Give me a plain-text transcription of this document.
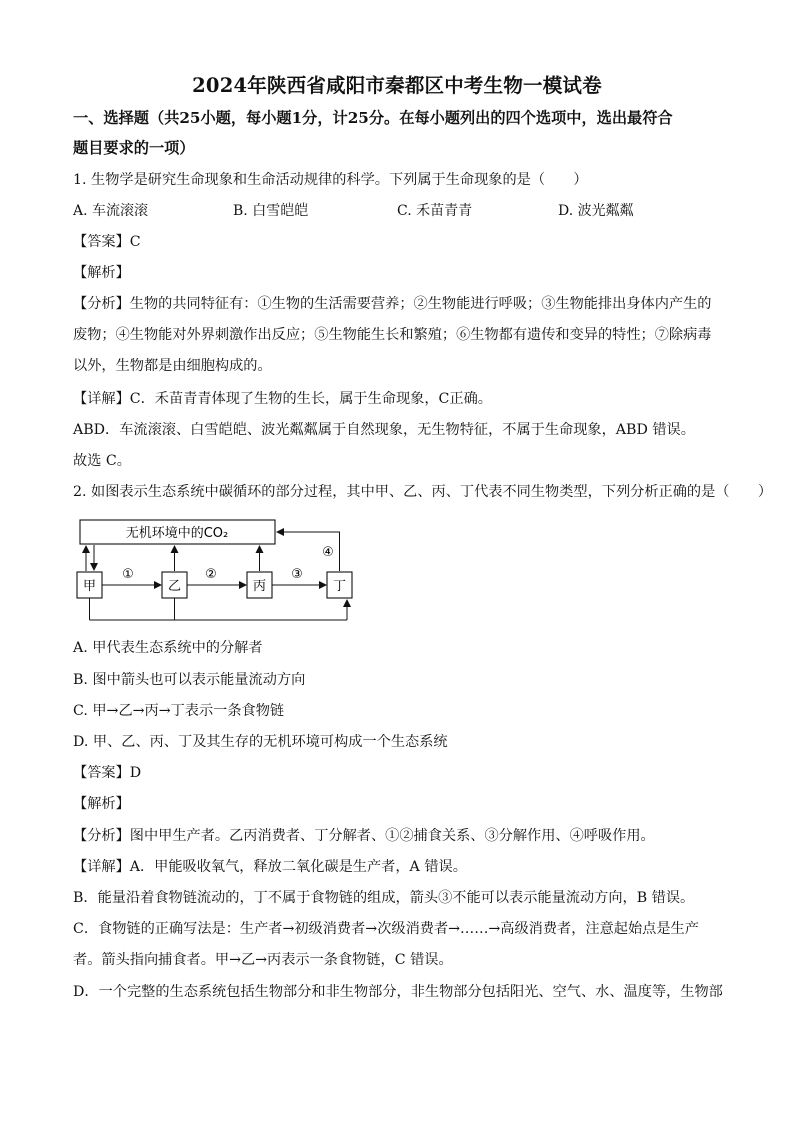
2024年陕西省咸阳市秦都区中考生物一模试卷
一、选择题（共25小题，每小题1分，计25分。在每小题列出的四个选项中，选出最符合
题目要求的一项）
1. 生物学是研究生命现象和生命活动规律的科学。下列属于生命现象的是（　　）
A. 车流滚滚	B. 白雪皑皑	C. 禾苗青青	D. 波光粼粼
【答案】C
【解析】
【分析】生物的共同特征有：①生物的生活需要营养；②生物能进行呼吸；③生物能排出身体内产生的
废物；④生物能对外界刺激作出反应；⑤生物能生长和繁殖；⑥生物都有遗传和变异的特性；⑦除病毒
以外，生物都是由细胞构成的。
【详解】C．禾苗青青体现了生物的生长，属于生命现象，C正确。
ABD．车流滚滚、白雪皑皑、波光粼粼属于自然现象，无生物特征，不属于生命现象，ABD 错误。
故选 C。
2. 如图表示生态系统中碳循环的部分过程，其中甲、乙、丙、丁代表不同生物类型，下列分析正确的是（　　）
无机环境中的CO₂
甲	乙	丙	丁
④
①	②	③
A. 甲代表生态系统中的分解者
B. 图中箭头也可以表示能量流动方向
C. 甲→乙→丙→丁表示一条食物链
D. 甲、乙、丙、丁及其生存的无机环境可构成一个生态系统
【答案】D
【解析】
【分析】图中甲生产者。乙丙消费者、丁分解者、①②捕食关系、③分解作用、④呼吸作用。
【详解】A．甲能吸收氧气，释放二氧化碳是生产者，A 错误。
B．能量沿着食物链流动的，丁不属于食物链的组成，箭头③不能可以表示能量流动方向，B 错误。
C．食物链的正确写法是：生产者→初级消费者→次级消费者→……→高级消费者，注意起始点是生产
者。箭头指向捕食者。甲→乙→丙表示一条食物链，C 错误。
D．一个完整的生态系统包括生物部分和非生物部分，非生物部分包括阳光、空气、水、温度等，生物部
